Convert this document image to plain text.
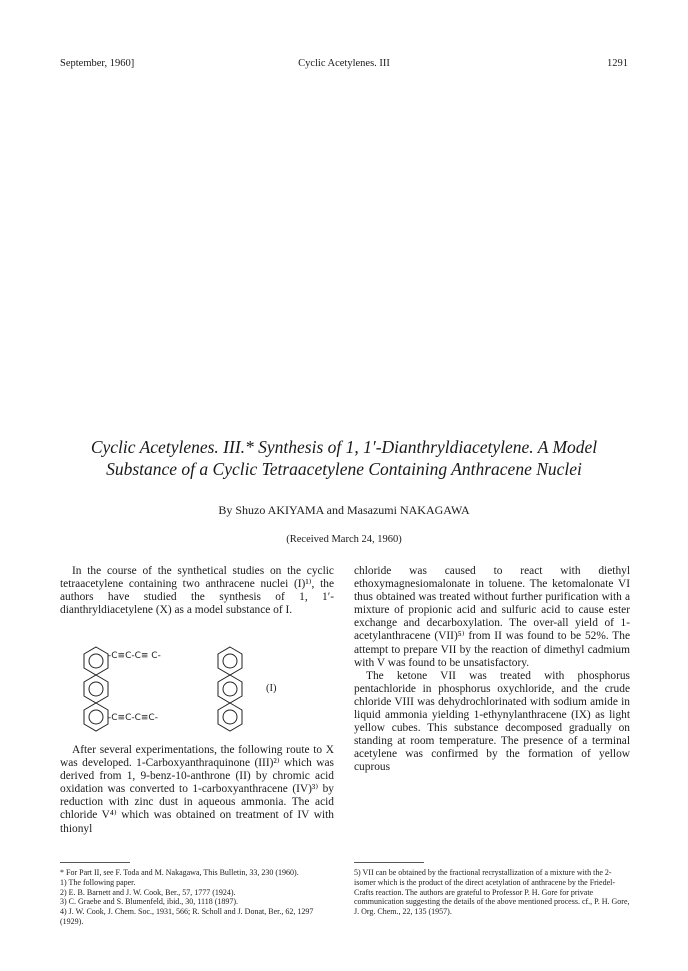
September, 1960]	Cyclic Acetylenes. III	1291
Cyclic Acetylenes. III.* Synthesis of 1, 1′-Dianthryldiacetylene. A Model
Substance of a Cyclic Tetraacetylene Containing Anthracene Nuclei
By Shuzo AKIYAMA and Masazumi NAKAGAWA
(Received March 24, 1960)

In the course of the synthetical studies on the cyclic tetraacetylene containing two anthracene nuclei (I)¹⁾, the authors have studied the synthesis of 1, 1′-dianthryldiacetylene (X) as a model substance of I.

-C≡C-C≡ C-
-C≡C-C≡C-
(I)

After several experimentations, the following route to X was developed. 1-Carboxyanthraquinone (III)²⁾ which was derived from 1, 9-benz-10-anthrone (II) by chromic acid oxidation was converted to 1-carboxyanthracene (IV)³⁾ by reduction with zinc dust in aqueous ammonia. The acid chloride V⁴⁾ which was obtained on treatment of IV with thionyl

chloride was caused to react with diethyl ethoxymagnesiomalonate in toluene. The ketomalonate VI thus obtained was treated without further purification with a mixture of propionic acid and sulfuric acid to cause ester exchange and decarboxylation. The over-all yield of 1-acetylanthracene (VII)⁵⁾ from II was found to be 52%. The attempt to prepare VII by the reaction of dimethyl cadmium with V was found to be unsatisfactory.

The ketone VII was treated with phosphorus pentachloride in phosphorus oxychloride, and the crude chloride VIII was dehydrochlorinated with sodium amide in liquid ammonia yielding 1-ethynylanthracene (IX) as light yellow cubes. This substance decomposed gradually on standing at room temperature. The presence of a terminal acetylene was confirmed by the formation of yellow cuprous

* For Part II, see F. Toda and M. Nakagawa, This Bulletin, 33, 230 (1960).

1) The following paper.

2) E. B. Barnett and J. W. Cook, Ber., 57, 1777 (1924).

3) C. Graebe and S. Blumenfeld, ibid., 30, 1118 (1897).

4) J. W. Cook, J. Chem. Soc., 1931, 566; R. Scholl and J. Donat, Ber., 62, 1297 (1929).

5) VII can be obtained by the fractional recrystallization of a mixture with the 2-isomer which is the product of the direct acetylation of anthracene by the Friedel-Crafts reaction. The authors are grateful to Professor P. H. Gore for private communication suggesting the details of the above mentioned process. cf., P. H. Gore, J. Org. Chem., 22, 135 (1957).
